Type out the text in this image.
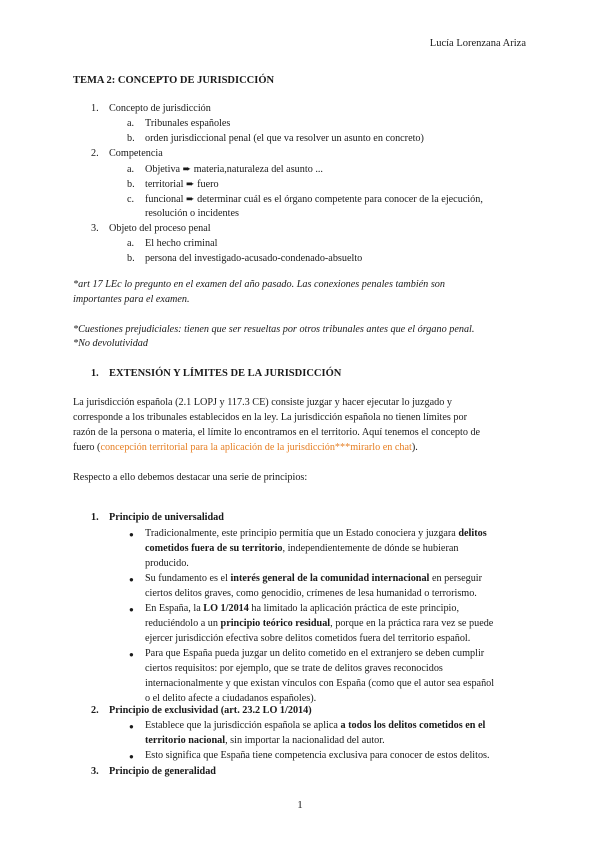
Lucía Lorenzana Ariza
TEMA 2: CONCEPTO DE JURISDICCIÓN
1. Concepto de jurisdicción
a. Tribunales españoles
b. orden jurisdiccional penal (el que va resolver un asunto en concreto)
2. Competencia
a. Objetiva ➨ materia,naturaleza del asunto ...
b. territorial ➨ fuero
c. funcional ➨ determinar cuál es el órgano competente para conocer de la ejecución,
resolución o incidentes
3. Objeto del proceso penal
a. El hecho criminal
b. persona del investigado-acusado-condenado-absuelto
*art 17 LEc lo pregunto en el examen del año pasado. Las conexiones penales también son
importantes para el examen.
*Cuestiones prejudiciales: tienen que ser resueltas por otros tribunales antes que el órgano penal.
*No devolutividad
1. EXTENSIÓN Y LÍMITES DE LA JURISDICCIÓN
La jurisdicción española (2.1 LOPJ y 117.3 CE) consiste juzgar y hacer ejecutar lo juzgado y
corresponde a los tribunales establecidos en la ley. La jurisdicción española no tienen límites por
razón de la persona o materia, el límite lo encontramos en el territorio. Aquí tenemos el concepto de
fuero (concepción territorial para la aplicación de la jurisdicción***mirarlo en chat).
Respecto a ello debemos destacar una serie de principios:
1. Principio de universalidad
● Tradicionalmente, este principio permitía que un Estado conociera y juzgara delitos
cometidos fuera de su territorio, independientemente de dónde se hubieran
producido.
● Su fundamento es el interés general de la comunidad internacional en perseguir
ciertos delitos graves, como genocidio, crímenes de lesa humanidad o terrorismo.
● En España, la LO 1/2014 ha limitado la aplicación práctica de este principio,
reduciéndolo a un principio teórico residual, porque en la práctica rara vez se puede
ejercer jurisdicción efectiva sobre delitos cometidos fuera del territorio español.
● Para que España pueda juzgar un delito cometido en el extranjero se deben cumplir
ciertos requisitos: por ejemplo, que se trate de delitos graves reconocidos
internacionalmente y que existan vínculos con España (como que el autor sea español
o el delito afecte a ciudadanos españoles).
2. Principio de exclusividad (art. 23.2 LO 1/2014)
● Establece que la jurisdicción española se aplica a todos los delitos cometidos en el
territorio nacional, sin importar la nacionalidad del autor.
● Esto significa que España tiene competencia exclusiva para conocer de estos delitos.
3. Principio de generalidad
1
